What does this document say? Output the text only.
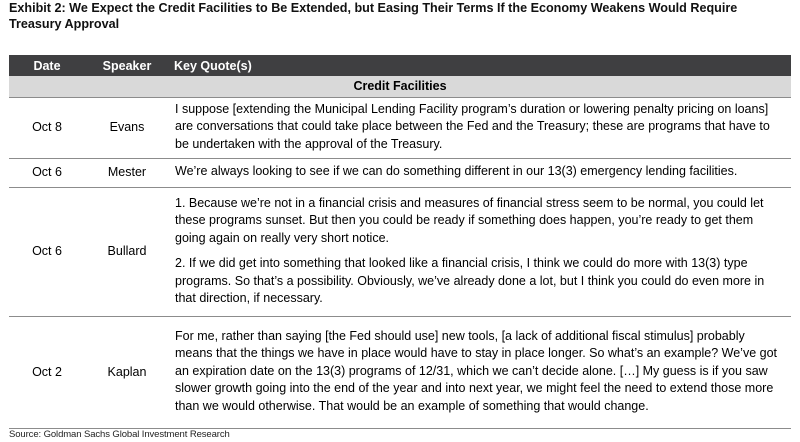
Exhibit 2: We Expect the Credit Facilities to Be Extended, but Easing Their Terms If the Economy Weakens Would Require Treasury Approval
Date	Speaker	Key Quote(s)
Credit Facilities		
Oct 8	Evans	I suppose [extending the Municipal Lending Facility program’s duration or lowering penalty pricing on loans] are conversations that could take place between the Fed and the Treasury; these are programs that have to be undertaken with the approval of the Treasury.

Oct 6	Mester	We’re always looking to see if we can do something different in our 13(3) emergency lending facilities.

Oct 6	Bullard	1. Because we’re not in a financial crisis and measures of financial stress seem to be normal, you could let these programs sunset. But then you could be ready if something does happen, you’re ready to get them going again on really very short notice.

2. If we did get into something that looked like a financial crisis, I think we could do more with 13(3) type programs. So that’s a possibility. Obviously, we’ve already done a lot, but I think you could do even more in that direction, if necessary.

Oct 2	Kaplan	For me, rather than saying [the Fed should use] new tools, [a lack of additional fiscal stimulus] probably means that the things we have in place would have to stay in place longer. So what’s an example? We’ve got an expiration date on the 13(3) programs of 12/31, which we can’t decide alone. […] My guess is if you saw slower growth going into the end of the year and into next year, we might feel the need to extend those more than we would otherwise. That would be an example of something that would change.

Source: Goldman Sachs Global Investment Research
